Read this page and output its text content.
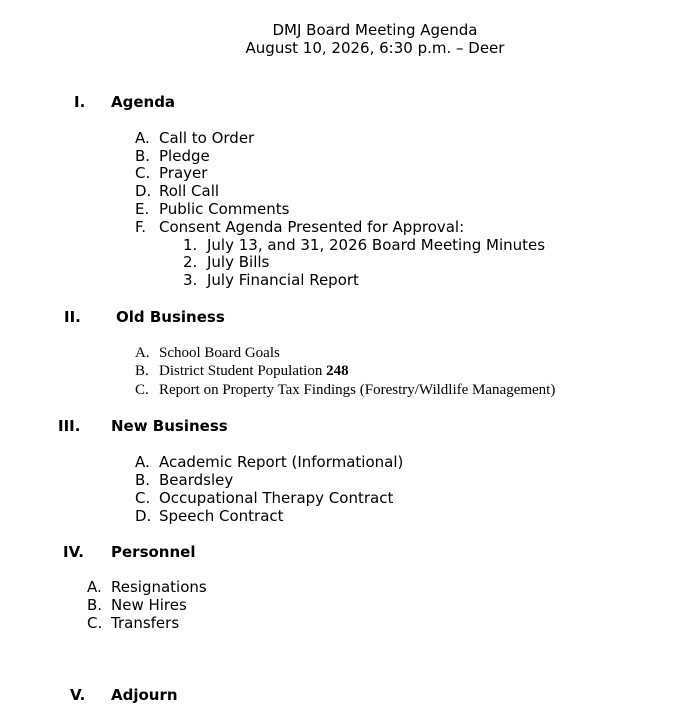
DMJ Board Meeting Agenda
August 10, 2026, 6:30 p.m. – Deer
I. Agenda
A. Call to Order
B. Pledge
C. Prayer
D. Roll Call
E. Public Comments
F. Consent Agenda Presented for Approval:
1. July 13, and 31, 2026 Board Meeting Minutes
2. July Bills
3. July Financial Report
II. Old Business
A. School Board Goals
B. District Student Population 248
C. Report on Property Tax Findings (Forestry/Wildlife Management)
III. New Business
A. Academic Report (Informational)
B. Beardsley
C. Occupational Therapy Contract
D. Speech Contract
IV. Personnel
A. Resignations
B. New Hires
C. Transfers
V. Adjourn
